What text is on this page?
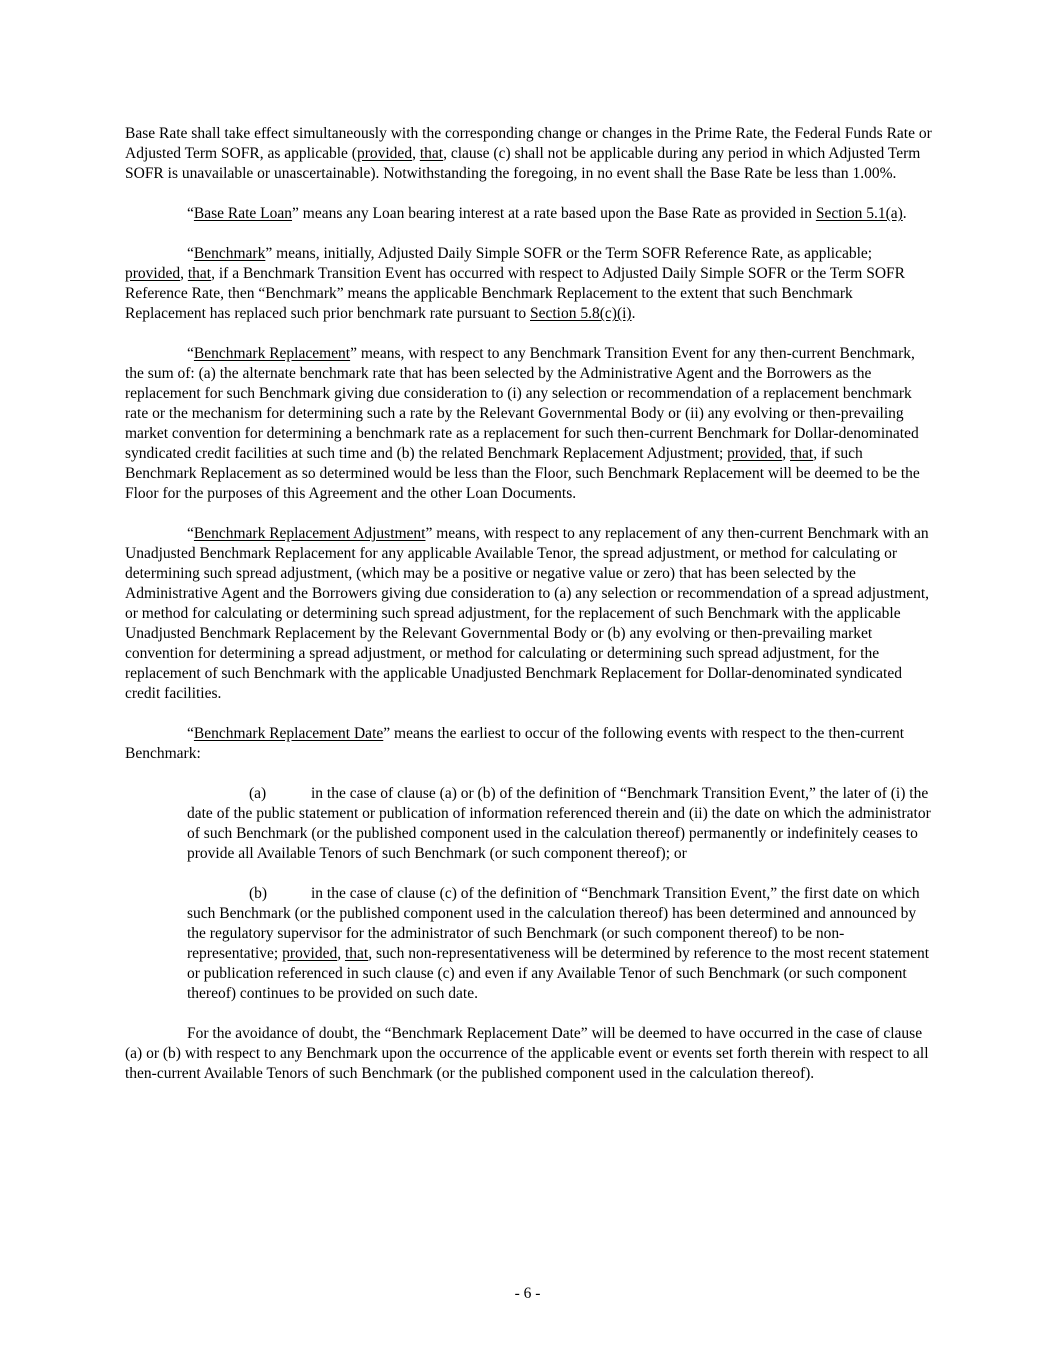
Base Rate shall take effect simultaneously with the corresponding change or changes in the Prime Rate, the Federal Funds Rate or Adjusted Term SOFR, as applicable (provided, that, clause (c) shall not be applicable during any period in which Adjusted Term SOFR is unavailable or unascertainable). Notwithstanding the foregoing, in no event shall the Base Rate be less than 1.00%.

“Base Rate Loan” means any Loan bearing interest at a rate based upon the Base Rate as provided in Section 5.1(a).

“Benchmark” means, initially, Adjusted Daily Simple SOFR or the Term SOFR Reference Rate, as applicable; provided, that, if a Benchmark Transition Event has occurred with respect to Adjusted Daily Simple SOFR or the Term SOFR Reference Rate, then “Benchmark” means the applicable Benchmark Replacement to the extent that such Benchmark Replacement has replaced such prior benchmark rate pursuant to Section 5.8(c)(i).

“Benchmark Replacement” means, with respect to any Benchmark Transition Event for any then-current Benchmark, the sum of: (a) the alternate benchmark rate that has been selected by the Administrative Agent and the Borrowers as the replacement for such Benchmark giving due consideration to (i) any selection or recommendation of a replacement benchmark rate or the mechanism for determining such a rate by the Relevant Governmental Body or (ii) any evolving or then-prevailing market convention for determining a benchmark rate as a replacement for such then-current Benchmark for Dollar-denominated syndicated credit facilities at such time and (b) the related Benchmark Replacement Adjustment; provided, that, if such Benchmark Replacement as so determined would be less than the Floor, such Benchmark Replacement will be deemed to be the Floor for the purposes of this Agreement and the other Loan Documents.

“Benchmark Replacement Adjustment” means, with respect to any replacement of any then-current Benchmark with an Unadjusted Benchmark Replacement for any applicable Available Tenor, the spread adjustment, or method for calculating or determining such spread adjustment, (which may be a positive or negative value or zero) that has been selected by the Administrative Agent and the Borrowers giving due consideration to (a) any selection or recommendation of a spread adjustment, or method for calculating or determining such spread adjustment, for the replacement of such Benchmark with the applicable Unadjusted Benchmark Replacement by the Relevant Governmental Body or (b) any evolving or then-prevailing market convention for determining a spread adjustment, or method for calculating or determining such spread adjustment, for the replacement of such Benchmark with the applicable Unadjusted Benchmark Replacement for Dollar-denominated syndicated credit facilities.

“Benchmark Replacement Date” means the earliest to occur of the following events with respect to the then-current Benchmark:

(a)	in the case of clause (a) or (b) of the definition of “Benchmark Transition Event,” the later of (i) the date of the public statement or publication of information referenced therein and (ii) the date on which the administrator of such Benchmark (or the published component used in the calculation thereof) permanently or indefinitely ceases to provide all Available Tenors of such Benchmark (or such component thereof); or

(b)	in the case of clause (c) of the definition of “Benchmark Transition Event,” the first date on which such Benchmark (or the published component used in the calculation thereof) has been determined and announced by the regulatory supervisor for the administrator of such Benchmark (or such component thereof) to be non-representative; provided, that, such non-representativeness will be determined by reference to the most recent statement or publication referenced in such clause (c) and even if any Available Tenor of such Benchmark (or such component thereof) continues to be provided on such date.

For the avoidance of doubt, the “Benchmark Replacement Date” will be deemed to have occurred in the case of clause (a) or (b) with respect to any Benchmark upon the occurrence of the applicable event or events set forth therein with respect to all then-current Available Tenors of such Benchmark (or the published component used in the calculation thereof).

- 6 -
